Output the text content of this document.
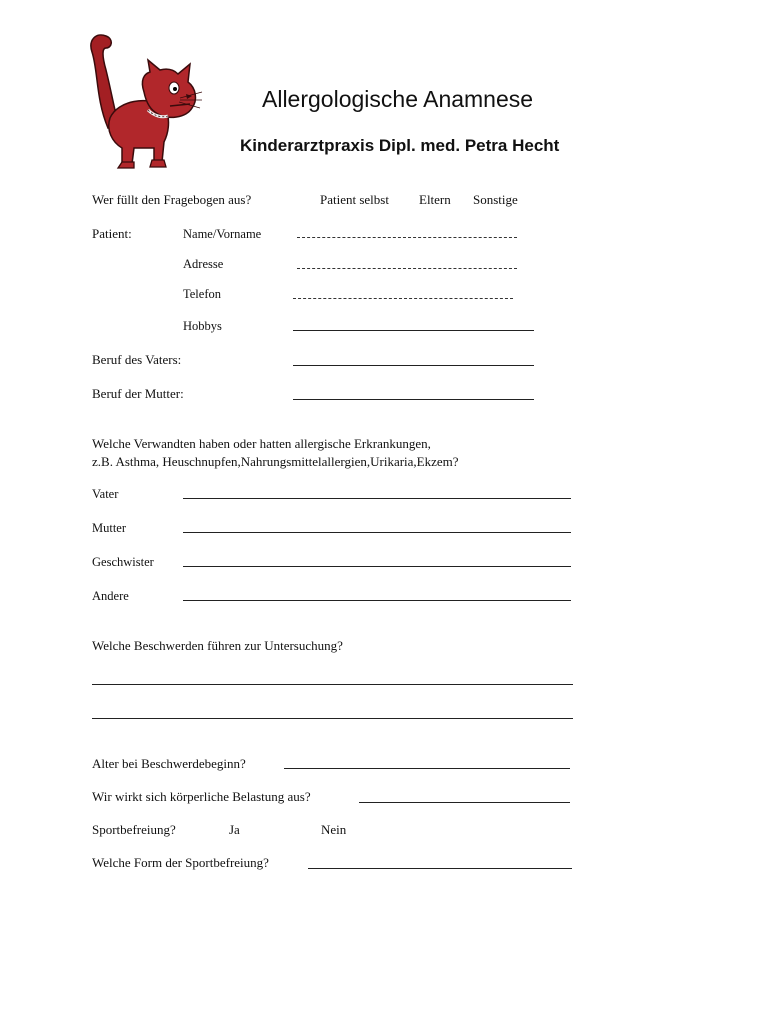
Allergologische Anamnese
Kinderarztpraxis Dipl. med. Petra Hecht
Wer füllt den Fragebogen aus?	Patient selbst Eltern Sonstige
Patient:	Name/Vorname
Adresse
Telefon
Hobbys
Beruf des Vaters:
Beruf der Mutter:
Welche Verwandten haben oder hatten allergische Erkrankungen,
z.B. Asthma, Heuschnupfen,Nahrungsmittelallergien,Urikaria,Ekzem?
Vater
Mutter
Geschwister
Andere
Welche Beschwerden führen zur Untersuchung?
Alter bei Beschwerdebeginn?
Wir wirkt sich körperliche Belastung aus?
Sportbefreiung?	Ja	Nein
Welche Form der Sportbefreiung?
